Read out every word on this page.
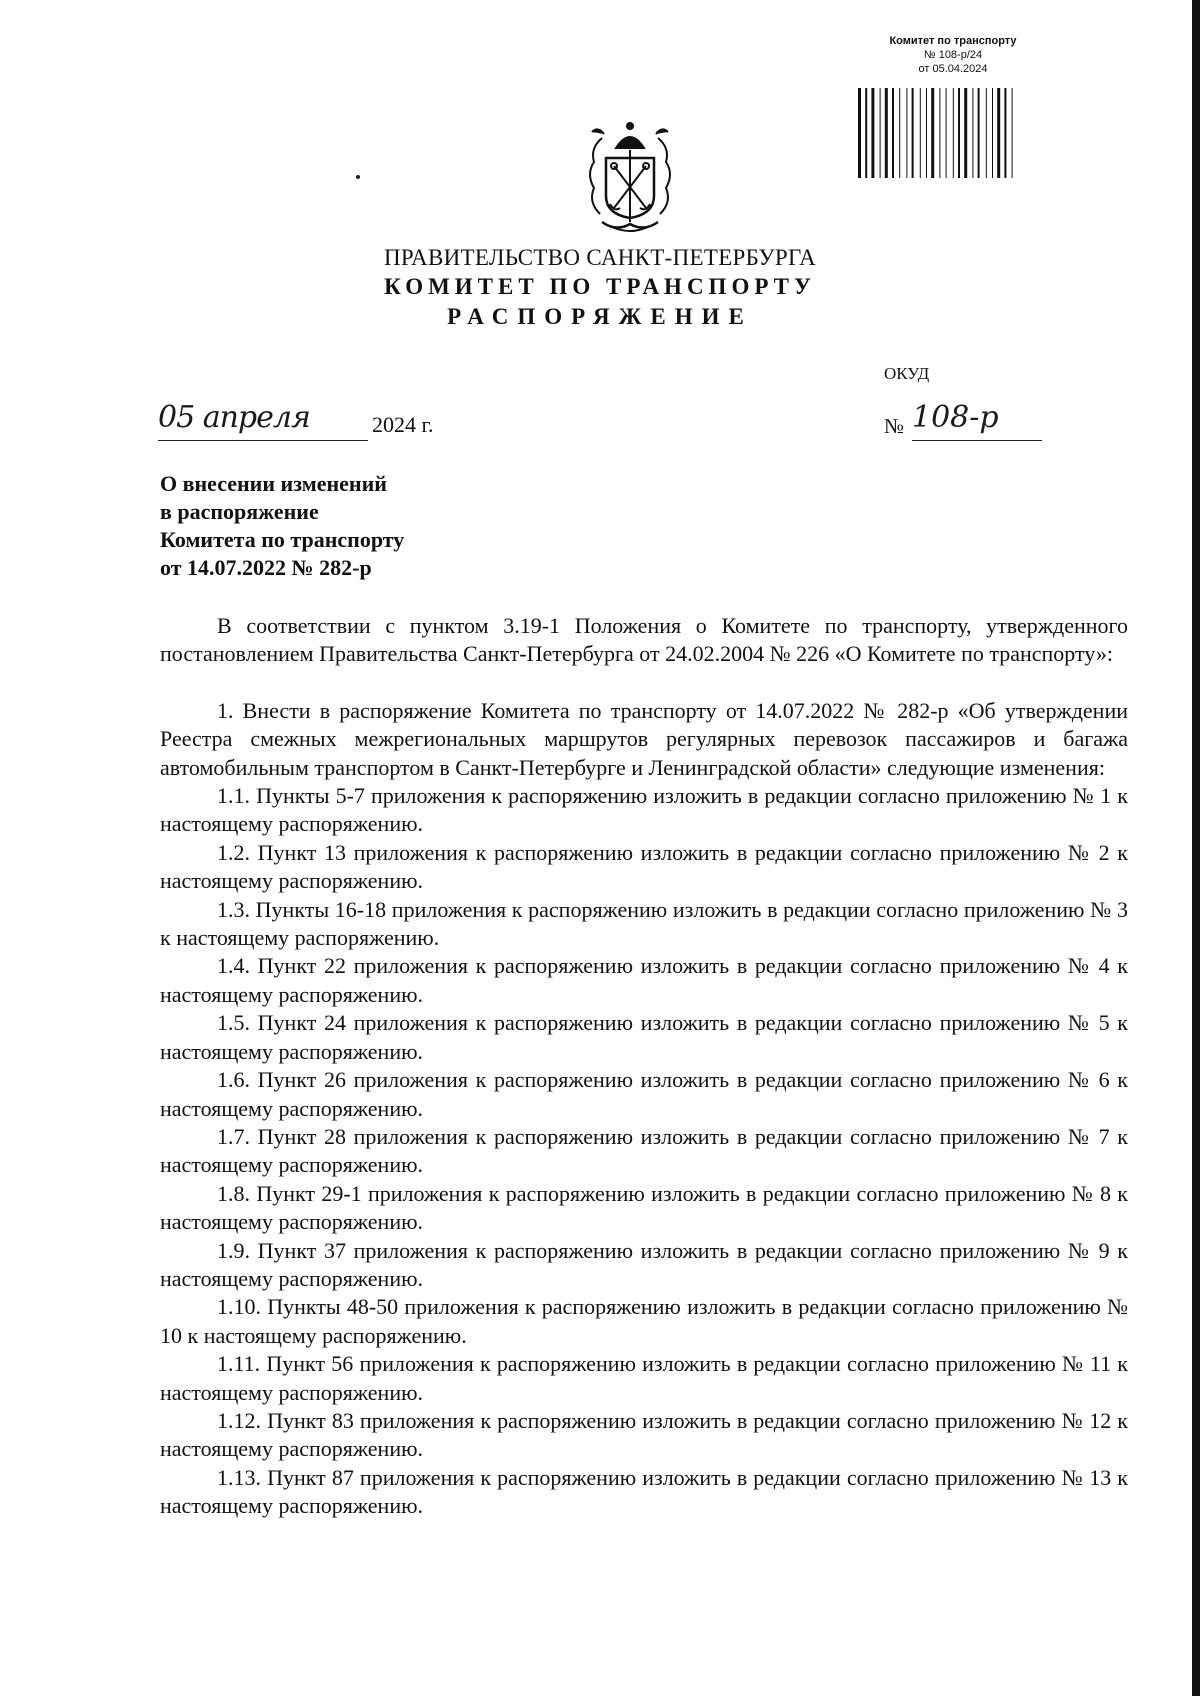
Комитет по транспорту
№ 108-р/24
от 05.04.2024
ПРАВИТЕЛЬСТВО САНКТ-ПЕТЕРБУРГА
КОМИТЕТ ПО ТРАНСПОРТУ
РАСПОРЯЖЕНИЕ
ОКУД
05 апреля	2024 г.	№ 108-р
О внесении изменений
в распоряжение
Комитета по транспорту
от 14.07.2022 № 282-р

В соответствии с пунктом 3.19-1 Положения о Комитете по транспорту, утвержденного постановлением Правительства Санкт-Петербурга от 24.02.2004 № 226 «О Комитете по транспорту»:

1. Внести в распоряжение Комитета по транспорту от 14.07.2022 № 282-р «Об утверждении Реестра смежных межрегиональных маршрутов регулярных перевозок пассажиров и багажа автомобильным транспортом в Санкт-Петербурге и Ленинградской области» следующие изменения:

1.1. Пункты 5-7 приложения к распоряжению изложить в редакции согласно приложению № 1 к настоящему распоряжению.

1.2. Пункт 13 приложения к распоряжению изложить в редакции согласно приложению № 2 к настоящему распоряжению.

1.3. Пункты 16-18 приложения к распоряжению изложить в редакции согласно приложению № 3 к настоящему распоряжению.

1.4. Пункт 22 приложения к распоряжению изложить в редакции согласно приложению № 4 к настоящему распоряжению.

1.5. Пункт 24 приложения к распоряжению изложить в редакции согласно приложению № 5 к настоящему распоряжению.

1.6. Пункт 26 приложения к распоряжению изложить в редакции согласно приложению № 6 к настоящему распоряжению.

1.7. Пункт 28 приложения к распоряжению изложить в редакции согласно приложению № 7 к настоящему распоряжению.

1.8. Пункт 29-1 приложения к распоряжению изложить в редакции согласно приложению № 8 к настоящему распоряжению.

1.9. Пункт 37 приложения к распоряжению изложить в редакции согласно приложению № 9 к настоящему распоряжению.

1.10. Пункты 48-50 приложения к распоряжению изложить в редакции согласно приложению № 10 к настоящему распоряжению.

1.11. Пункт 56 приложения к распоряжению изложить в редакции согласно приложению № 11 к настоящему распоряжению.

1.12. Пункт 83 приложения к распоряжению изложить в редакции согласно приложению № 12 к настоящему распоряжению.

1.13. Пункт 87 приложения к распоряжению изложить в редакции согласно приложению № 13 к настоящему распоряжению.
